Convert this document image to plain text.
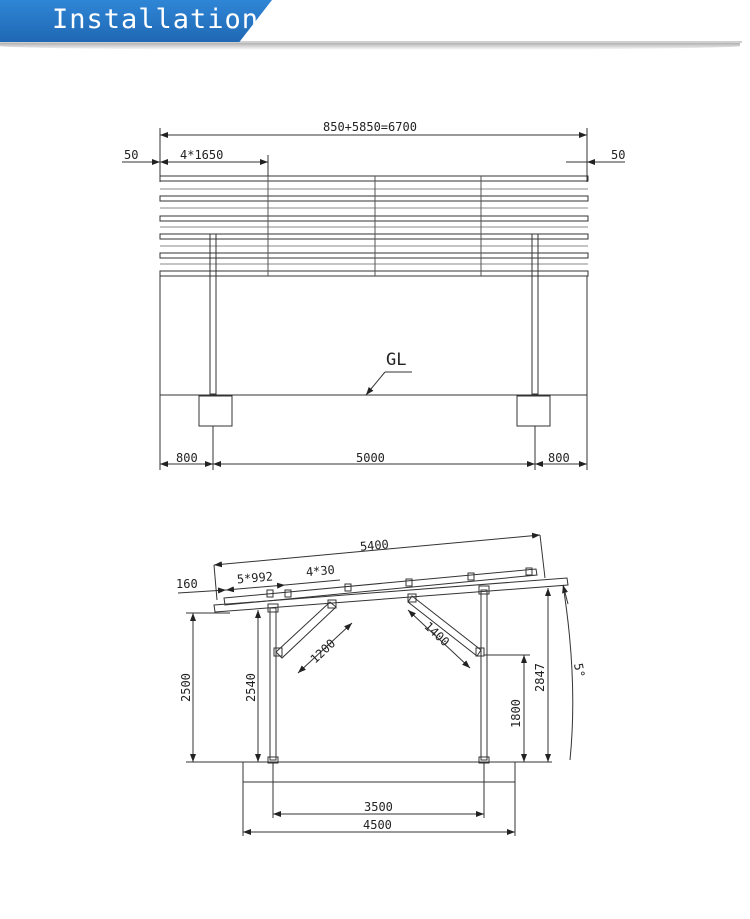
Installation
850+5850=6700
50	50
4*1650
GL
800	5000	800
5400
160	5*992	4*30
1200
1400
2500	2540
1800
2847 5°
3500
4500
